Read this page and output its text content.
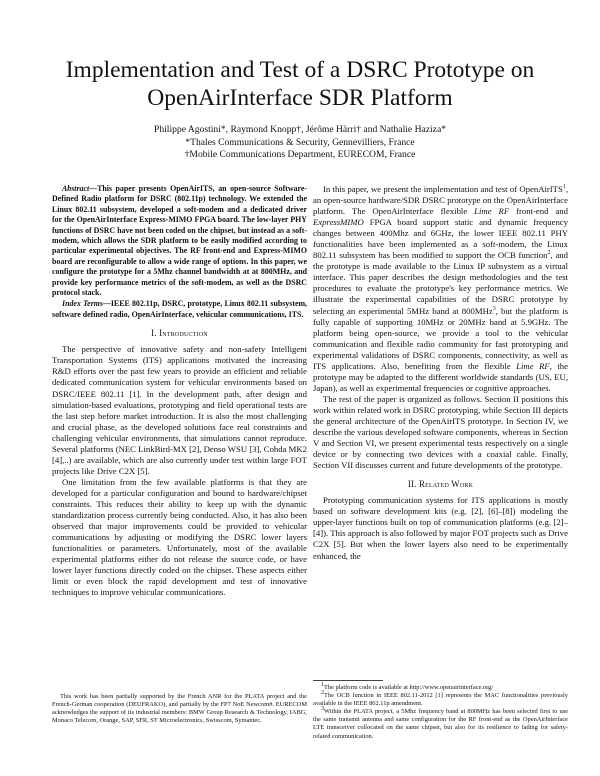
Implementation and Test of a DSRC Prototype on
OpenAirInterface SDR Platform
Philippe Agostini*, Raymond Knopp†, Jérôme Härri† and Nathalie Haziza*
*Thales Communications & Security, Gennevilliers, France
†Mobile Communications Department, EURECOM, France

Abstract—This paper presents OpenAirITS, an open-source Software-Defined Radio platform for DSRC (802.11p) technology. We extended the Linux 802.11 subsystem, developed a soft-modem and a dedicated driver for the OpenAirInterface Express-MIMO FPGA board. The low-layer PHY functions of DSRC have not been coded on the chipset, but instead as a soft-modem, which allows the SDR platform to be easily modified according to particular experimental objectives. The RF front-end and Express-MIMO board are reconfigurable to allow a wide range of options. In this paper, we configure the prototype for a 5Mhz channel bandwidth at at 800MHz, and provide key performance metrics of the soft-modem, as well as the DSRC protocol stack.

Index Terms—IEEE 802.11p, DSRC, prototype, Linux 802.11 subsystem, software defined radio, OpenAirInterface, vehicular communications, ITS.

I. Introduction

The perspective of innovative safety and non-safety Intelligent Transportation Systems (ITS) applications motivated the increasing R&D efforts over the past few years to provide an efficient and reliable dedicated communication system for vehicular environments based on DSRC/IEEE 802.11 [1]. In the development path, after design and simulation-based evaluations, prototyping and field operational tests are the last step before market introduction. It is also the most challenging and crucial phase, as the developed solutions face real constraints and challenging vehicular environments, that simulations cannot reproduce. Several platforms (NEC LinkBird-MX [2], Denso WSU [3], Cohda MK2 [4],..) are available, which are also currently under test within large FOT projects like Drive C2X [5].

One limitation from the few available platforms is that they are developed for a particular configuration and bound to hardware/chipset constraints. This reduces their ability to keep up with the dynamic standardization process currently being conducted. Also, it has also been observed that major improvements could be provided to vehicular communications by adjusting or modifying the DSRC lower layers functionalities or parameters. Unfortunately, most of the available experimental platforms either do not release the source code, or have lower layer functions directly coded on the chipset. These aspects either limit or even block the rapid development and test of innovative techniques to improve vehicular communications.

This work has been partially supported by the French ANR for the PLATA project and the French-German cooperation (DEUFRAKO), and partially by the FP7 NoE Newcom#. EURECOM acknowledges the support of its industrial members: BMW Group Research & Technology, IABG, Monaco Telecom, Orange, SAP, SFR, ST Microelectronics, Swisscom, Symantec.

In this paper, we present the implementation and test of OpenAirITS$^1$, an open-source hardware/SDR DSRC prototype on the OpenAirInterface platform. The OpenAirInterface flexible Lime RF front-end and ExpressMIMO FPGA board support static and dynamic frequency changes between 400Mhz and 6GHz, the lower IEEE 802.11 PHY functionalities have been implemented as a soft-modem, the Linux 802.11 subsystem has been modified to support the OCB function$^2$, and the prototype is made available to the Linux IP subsystem as a virtual interface. This paper describes the design methodologies and the test procedures to evaluate the prototype's key performance metrics. We illustrate the experimental capabilities of the DSRC prototype by selecting an experimental 5MHz band at 800MHz$^3$, but the platform is fully capable of supporting 10MHz or 20MHz band at 5.9GHz. The platform being open-source, we provide a tool to the vehicular communication and flexible radio community for fast prototyping and experimental validations of DSRC components, connectivity, as well as ITS applications. Also, benefiting from the flexible Lime RF, the prototype may be adapted to the different worldwide standards (US, EU, Japan), as well as experimental frequencies or cognitive approaches.

The rest of the paper is organized as follows. Section II positions this work within related work in DSRC prototyping, while Section III depicts the general architecture of the OpenAirITS prototype. In Section IV, we describe the various developed software components, whereas in Section V and Section VI, we present experimental tests respectively on a single device or by connecting two devices with a coaxial cable. Finally, Section VII discusses current and future developments of the prototype.

II. Related Work

Prototyping communication systems for ITS applications is mostly based on software development kits (e.g. [2], [6]–[8]) modeling the upper-layer functions built on top of communication platforms (e.g. [2]–[4]). This approach is also followed by major FOT projects such as Drive C2X [5]. But when the lower layers also need to be experimentally enhanced, the

$^1$The platform code is available at http://www.openairinterface.org/

$^2$The OCB function in IEEE 802.11-2012 [1] represents the MAC functionalities previously available in the IEEE 802.11p amendment.

$^3$Within the PLATA project, a 5Mhz frequency band at 800MHz has been selected first to use the same transmit antenna and same configuration for the RF front-end as the OpenAirInterface LTE transceiver collocated on the same chipset, but also for its resilience to fading for safety-related communication.
